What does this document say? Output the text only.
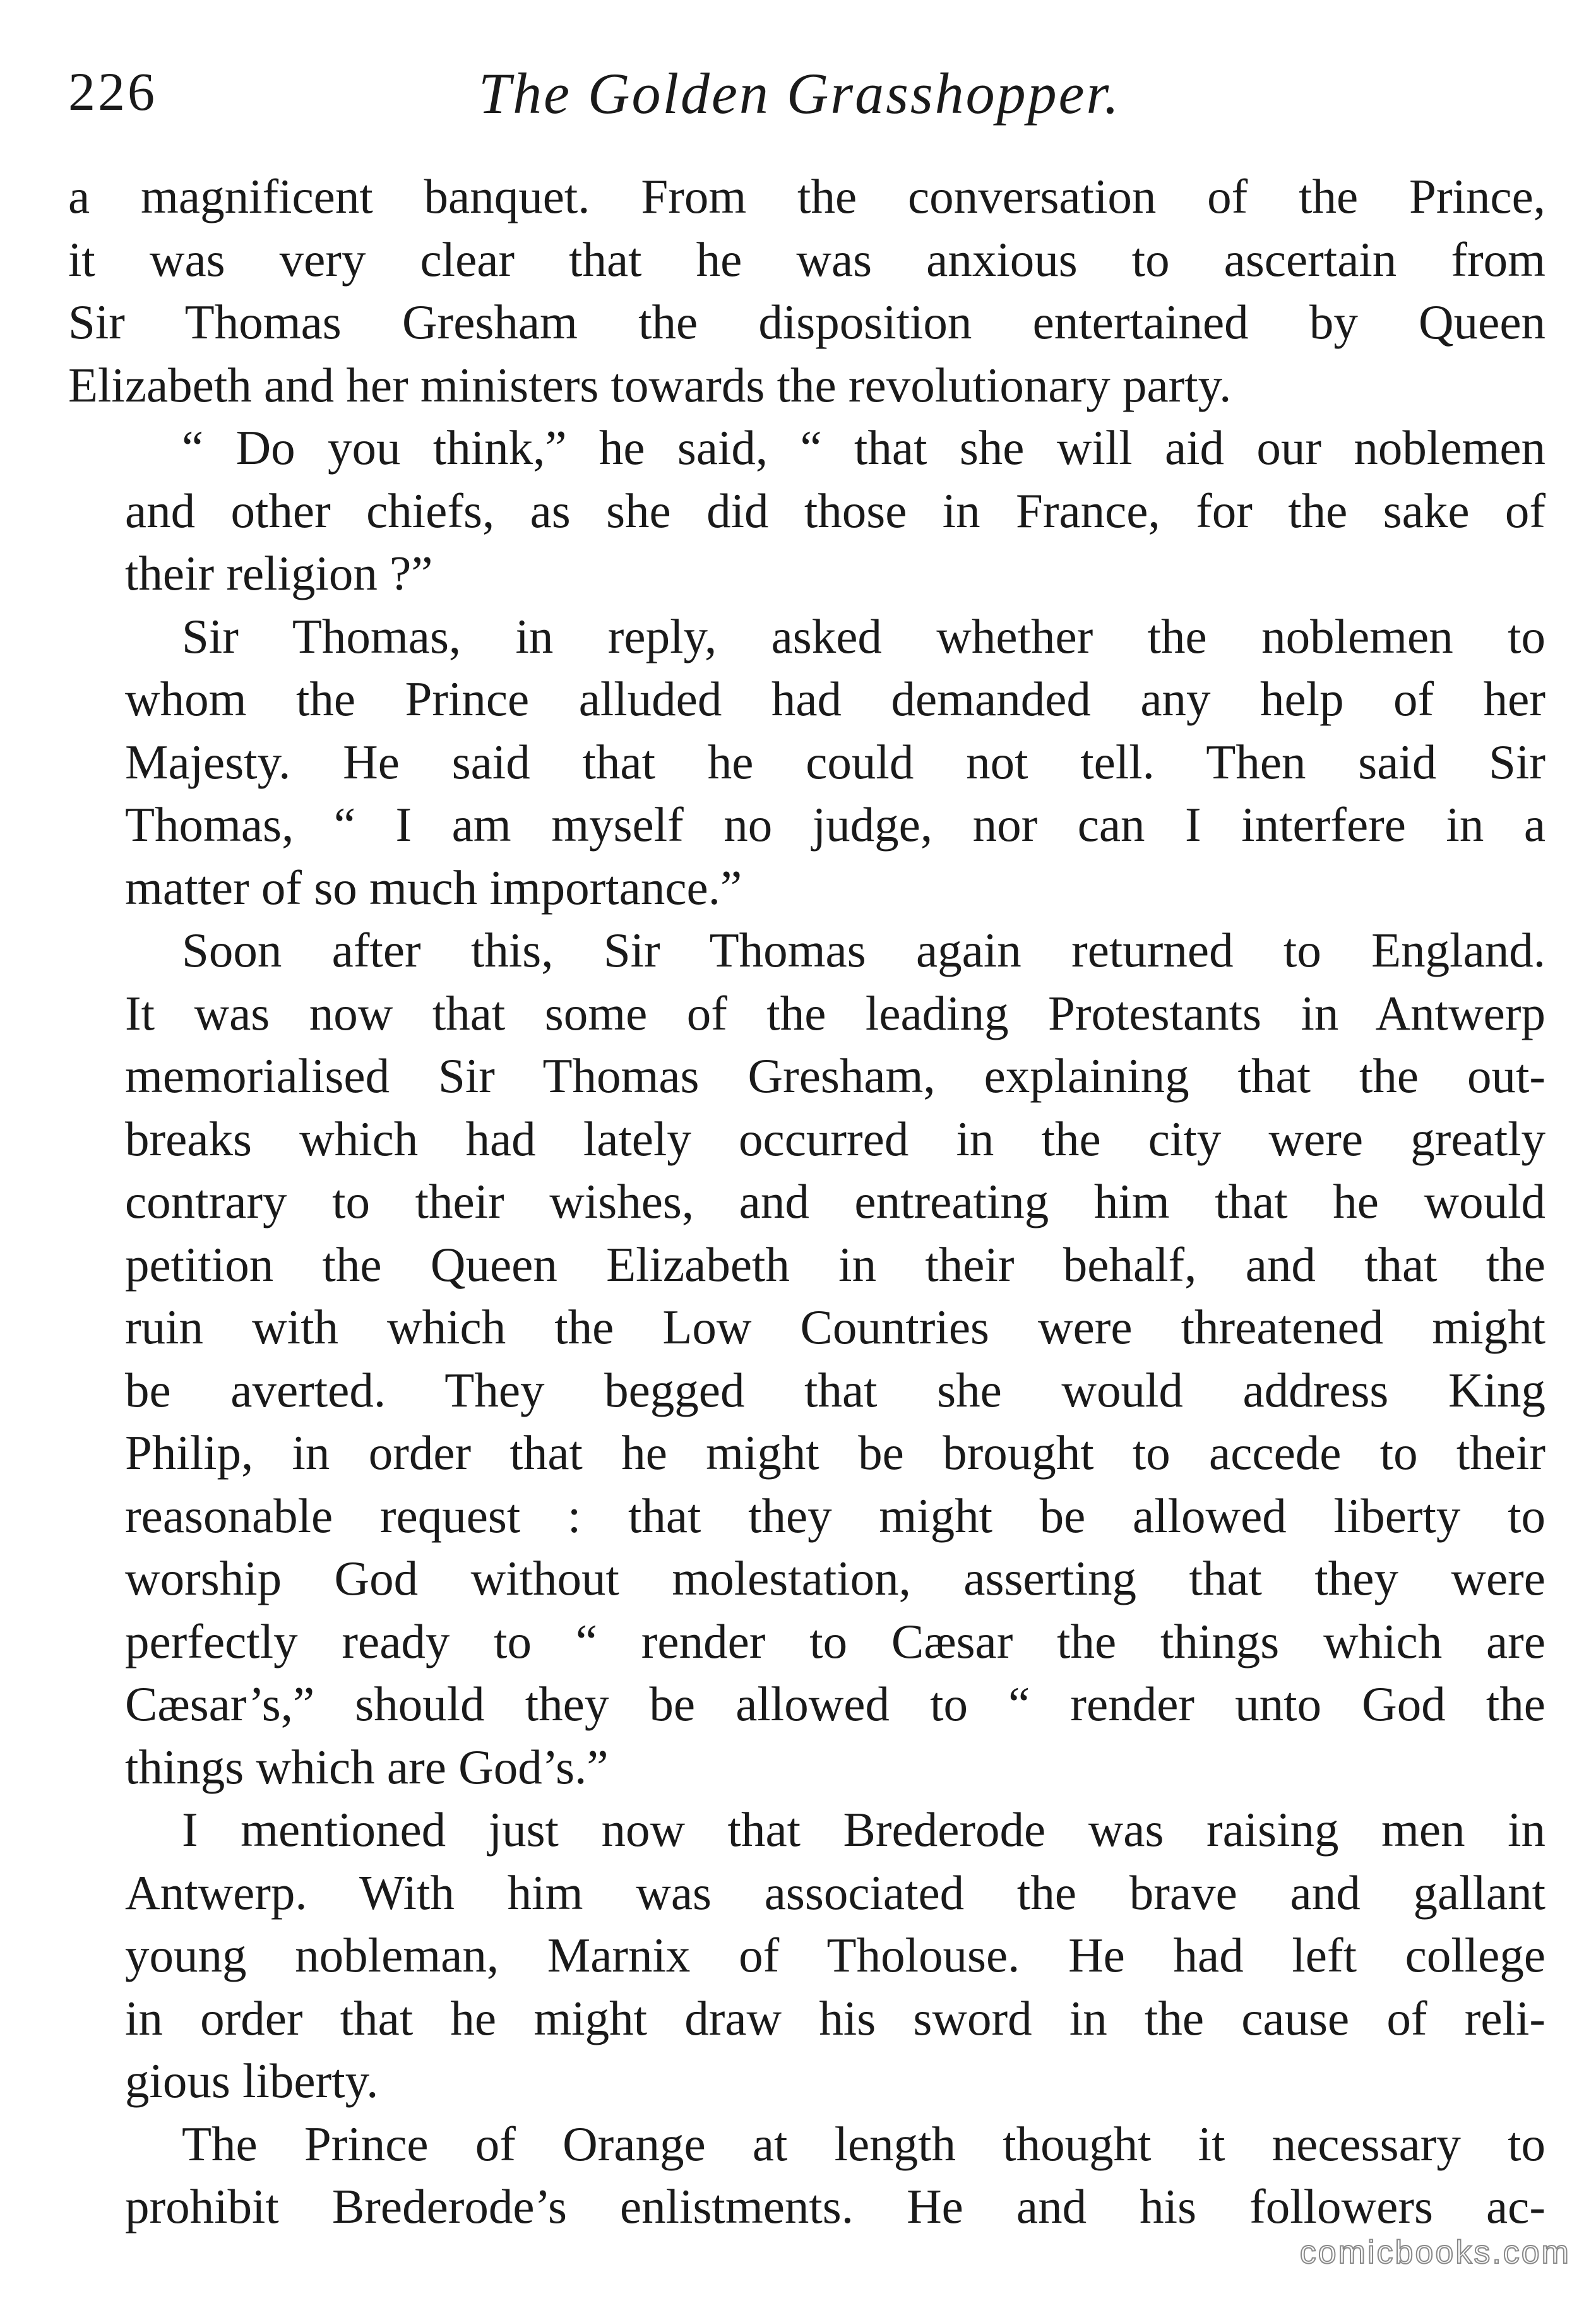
226	The Golden Grasshopper.
a magnificent banquet. From the conversation of the Prince,
it was very clear that he was anxious to ascertain from
Sir Thomas Gresham the disposition entertained by Queen
Elizabeth and her ministers towards the revolutionary party.
“ Do you think,” he said, “ that she will aid our noblemen
and other chiefs, as she did those in France, for the sake of
their religion ?”
Sir Thomas, in reply, asked whether the noblemen to
whom the Prince alluded had demanded any help of her
Majesty. He said that he could not tell. Then said Sir
Thomas, “ I am myself no judge, nor can I interfere in a
matter of so much importance.”
Soon after this, Sir Thomas again returned to England.
It was now that some of the leading Protestants in Antwerp
memorialised Sir Thomas Gresham, explaining that the out-
breaks which had lately occurred in the city were greatly
contrary to their wishes, and entreating him that he would
petition the Queen Elizabeth in their behalf, and that the
ruin with which the Low Countries were threatened might
be averted. They begged that she would address King
Philip, in order that he might be brought to accede to their
reasonable request : that they might be allowed liberty to
worship God without molestation, asserting that they were
perfectly ready to “ render to Cæsar the things which are
Cæsar’s,” should they be allowed to “ render unto God the
things which are God’s.”
I mentioned just now that Brederode was raising men in
Antwerp. With him was associated the brave and gallant
young nobleman, Marnix of Tholouse. He had left college
in order that he might draw his sword in the cause of reli-
gious liberty.
The Prince of Orange at length thought it necessary to
prohibit Brederode’s enlistments. He and his followers ac-
comicbooks.com
